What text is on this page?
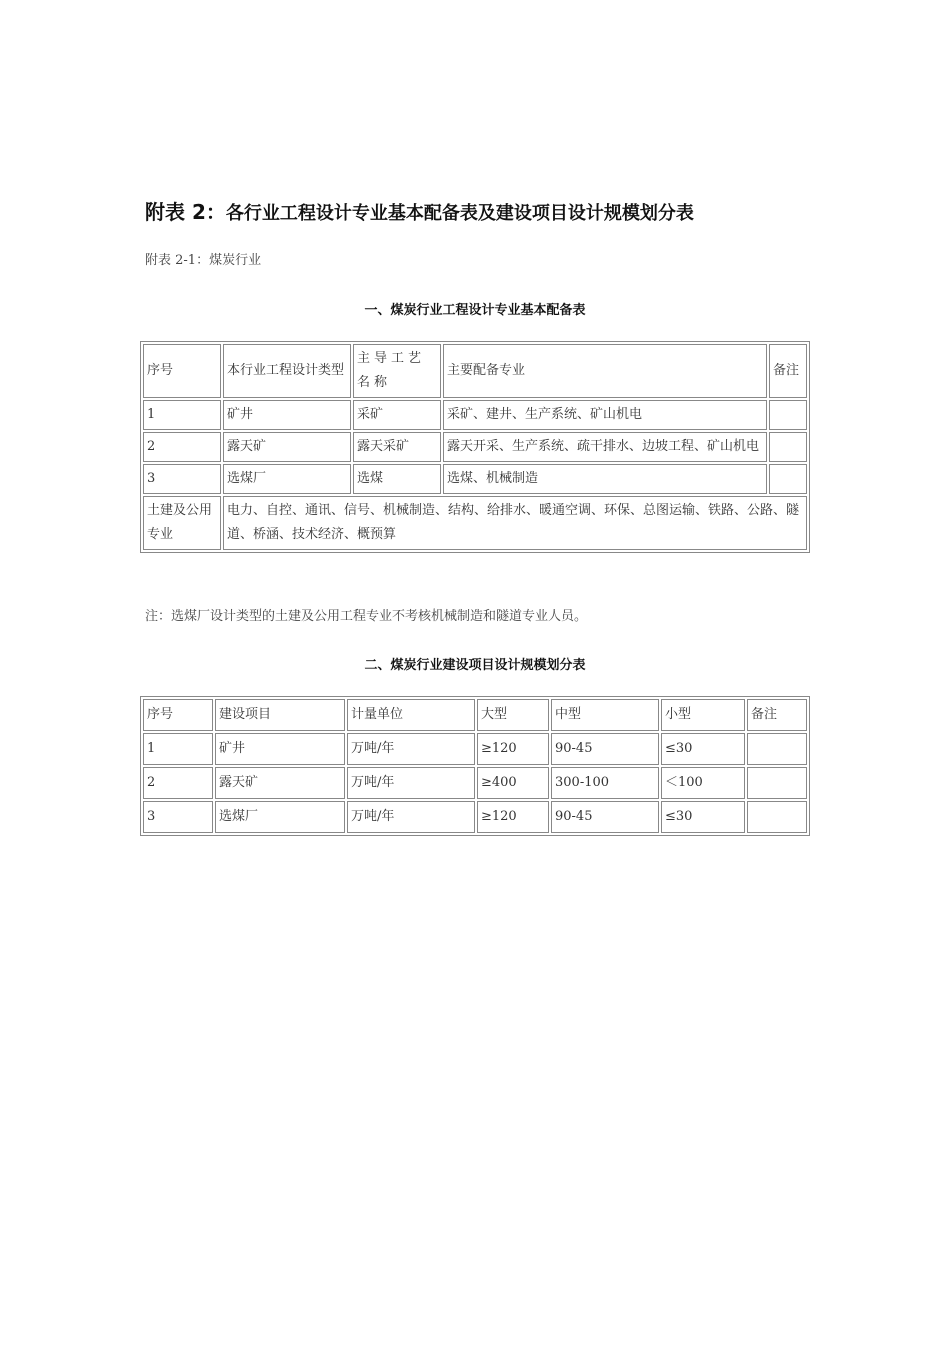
附表 2：各行业工程设计专业基本配备表及建设项目设计规模划分表
附表 2-1：煤炭行业
一、煤炭行业工程设计专业基本配备表
序号	本行业工程设计类型	主导工艺名称	主要配备专业	备注
1	矿井	采矿	采矿、建井、生产系统、矿山机电	
2	露天矿	露天采矿	露天开采、生产系统、疏干排水、边坡工程、矿山机电	
3	选煤厂	选煤	选煤、机械制造	
土建及公用专业	电力、自控、通讯、信号、机械制造、结构、给排水、暖通空调、环保、总图运输、铁路、公路、隧道、桥涵、技术经济、概预算			
注：选煤厂设计类型的土建及公用工程专业不考核机械制造和隧道专业人员。
二、煤炭行业建设项目设计规模划分表
序号	建设项目	计量单位	大型	中型	小型	备注
1	矿井	万吨/年	≥120	90-45	≤30	
2	露天矿	万吨/年	≥400	300-100	＜100	
3	选煤厂	万吨/年	≥120	90-45	≤30	
